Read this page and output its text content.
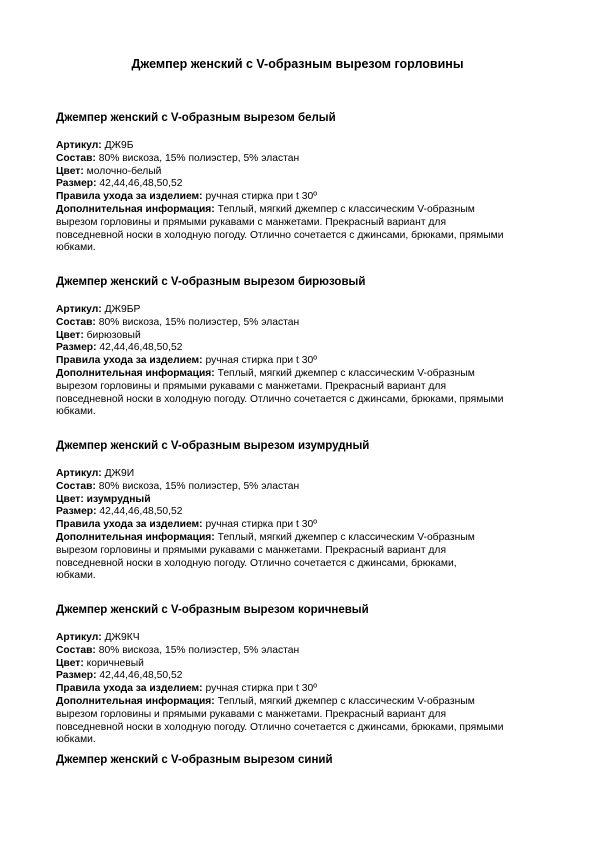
Джемпер женский с V-образным вырезом горловины
Джемпер женский с V-образным вырезом белый

Артикул: ДЖ9Б

Состав: 80% вискоза, 15% полиэстер, 5% эластан

Цвет: молочно-белый

Размер: 42,44,46,48,50,52

Правила ухода за изделием: ручная стирка при t 30º

Дополнительная информация: Теплый, мягкий джемпер с классическим V-образным

вырезом горловины и прямыми рукавами с манжетами. Прекрасный вариант для

повседневной носки в холодную погоду. Отлично сочетается с джинсами, брюками, прямыми

юбками.

Джемпер женский с V-образным вырезом бирюзовый

Артикул: ДЖ9БР

Состав: 80% вискоза, 15% полиэстер, 5% эластан

Цвет: бирюзовый

Размер: 42,44,46,48,50,52

Правила ухода за изделием: ручная стирка при t 30º

Дополнительная информация: Теплый, мягкий джемпер с классическим V-образным

вырезом горловины и прямыми рукавами с манжетами. Прекрасный вариант для

повседневной носки в холодную погоду. Отлично сочетается с джинсами, брюками, прямыми

юбками.

Джемпер женский с V-образным вырезом изумрудный

Артикул: ДЖ9И

Состав: 80% вискоза, 15% полиэстер, 5% эластан

Цвет: изумрудный

Размер: 42,44,46,48,50,52

Правила ухода за изделием: ручная стирка при t 30º

Дополнительная информация: Теплый, мягкий джемпер с классическим V-образным

вырезом горловины и прямыми рукавами с манжетами. Прекрасный вариант для

повседневной носки в холодную погоду. Отлично сочетается с джинсами, брюками,

юбками.

Джемпер женский с V-образным вырезом коричневый

Артикул: ДЖ9КЧ

Состав: 80% вискоза, 15% полиэстер, 5% эластан

Цвет: коричневый

Размер: 42,44,46,48,50,52

Правила ухода за изделием: ручная стирка при t 30º

Дополнительная информация: Теплый, мягкий джемпер с классическим V-образным

вырезом горловины и прямыми рукавами с манжетами. Прекрасный вариант для

повседневной носки в холодную погоду. Отлично сочетается с джинсами, брюками, прямыми

юбками.

Джемпер женский с V-образным вырезом синий
